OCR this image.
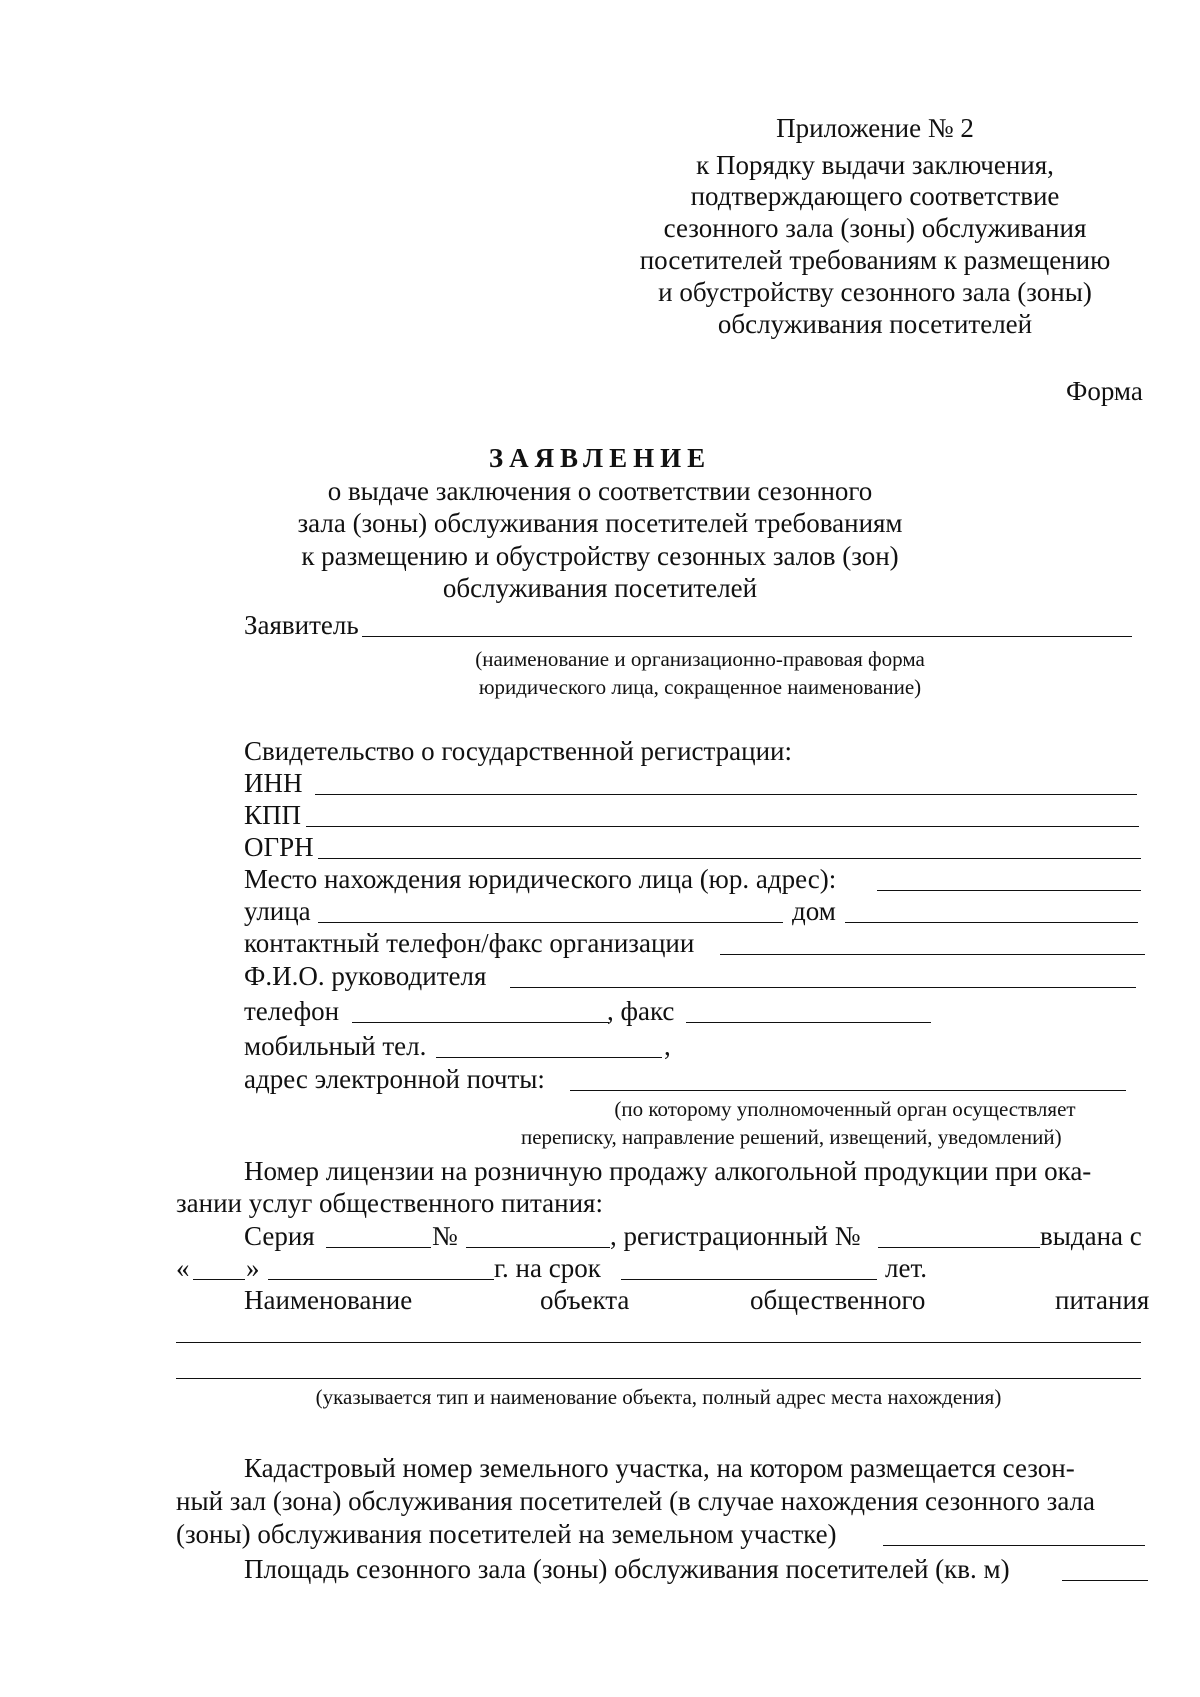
Приложение № 2
к Порядку выдачи заключения,
подтверждающего соответствие
сезонного зала (зоны) обслуживания
посетителей требованиям к размещению
и обустройству сезонного зала (зоны)
обслуживания посетителей
Форма
ЗАЯВЛЕНИЕ
о выдаче заключения о соответствии сезонного
зала (зоны) обслуживания посетителей требованиям
к размещению и обустройству сезонных залов (зон)
обслуживания посетителей
Заявитель
(наименование и организационно-правовая форма
юридического лица, сокращенное наименование)
Свидетельство о государственной регистрации:
ИНН
КПП
ОГРН
Место нахождения юридического лица (юр. адрес):
улица	дом
контактный телефон/факс организации
Ф.И.О. руководителя
телефон	, факс
мобильный тел.	,
адрес электронной почты:
(по которому уполномоченный орган осуществляет
переписку, направление решений, извещений, уведомлений)
Номер лицензии на розничную продажу алкогольной продукции при ока-
зании услуг общественного питания:
Серия	№	, регистрационный №	выдана с
« »	г. на срок	лет.
Наименование	объекта	общественного	питания
(указывается тип и наименование объекта, полный адрес места нахождения)
Кадастровый номер земельного участка, на котором размещается сезон-
ный зал (зона) обслуживания посетителей (в случае нахождения сезонного зала
(зоны) обслуживания посетителей на земельном участке)
Площадь сезонного зала (зоны) обслуживания посетителей (кв. м)
